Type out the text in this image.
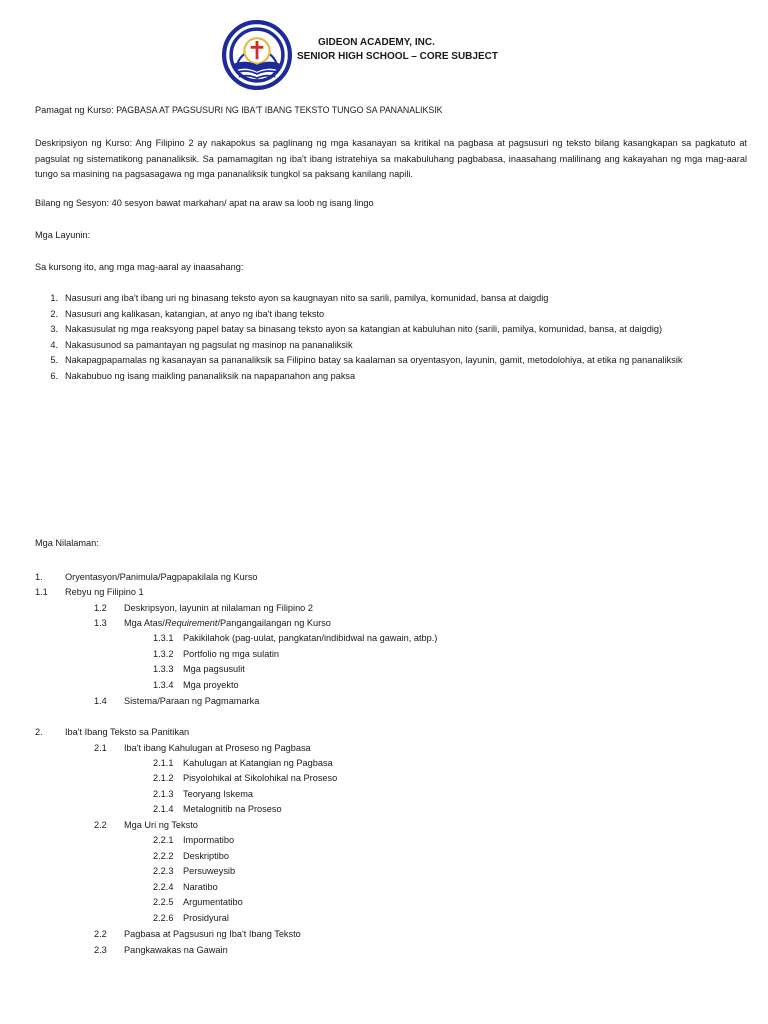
GIDEON ACADEMY, INC.
SENIOR HIGH SCHOOL – CORE SUBJECT
Pamagat ng Kurso: PAGBASA AT PAGSUSURI NG IBA'T IBANG TEKSTO TUNGO SA PANANALIKSIK
Deskripsiyon ng Kurso: Ang Filipino 2 ay nakapokus sa paglinang ng mga kasanayan sa kritikal na pagbasa at pagsusuri ng teksto bilang kasangkapan sa pagkatuto at
pagsulat ng sistematikong pananaliksik. Sa pamamagitan ng iba't ibang istratehiya sa makabuluhang pagbabasa, inaasahang malilinang ang kakayahan ng mga mag-aaral
tungo sa masining na pagsasagawa ng mga pananaliksik tungkol sa paksang kanilang napili.
Bilang ng Sesyon: 40 sesyon bawat markahan/ apat na araw sa loob ng isang lingo
Mga Layunin:
Sa kursong ito, ang mga mag-aaral ay inaasahang:
1. Nasusuri ang iba't ibang uri ng binasang teksto ayon sa kaugnayan nito sa sarili, pamilya, komunidad, bansa at daigdig
2. Nasusuri ang kalikasan, katangian, at anyo ng iba't ibang teksto
3. Nakasusulat ng mga reaksyong papel batay sa binasang teksto ayon sa katangian at kabuluhan nito (sarili, pamilya, komunidad, bansa, at daigdig)
4. Nakasusunod sa pamantayan ng pagsulat ng masinop na pananaliksik
5. Nakapagpapamalas ng kasanayan sa pananaliksik sa Filipino batay sa kaalaman sa oryentasyon, layunin, gamit, metodolohiya, at etika ng pananaliksik
6. Nakabubuo ng isang maikling pananaliksik na napapanahon ang paksa
Mga Nilalaman:
1. Oryentasyon/Panimula/Pagpapakilala ng Kurso
1.1 Rebyu ng Filipino 1
1.2 Deskripsyon, layunin at nilalaman ng Filipino 2
1.3 Mga Atas/Requirement/Pangangailangan ng Kurso
1.3.1 Pakikilahok (pag-uulat, pangkatan/indibidwal na gawain, atbp.)
1.3.2 Portfolio ng mga sulatin
1.3.3 Mga pagsusulit
1.3.4 Mga proyekto
1.4 Sistema/Paraan ng Pagmamarka
2. Iba't Ibang Teksto sa Panitikan
2.1 Iba't ibang Kahulugan at Proseso ng Pagbasa
2.1.1 Kahulugan at Katangian ng Pagbasa
2.1.2 Pisyolohikal at Sikolohikal na Proseso
2.1.3 Teoryang Iskema
2.1.4 Metalognitib na Proseso
2.2 Mga Uri ng Teksto
2.2.1 Impormatibo
2.2.2 Deskriptibo
2.2.3 Persuweysib
2.2.4 Naratibo
2.2.5 Argumentatibo
2.2.6 Prosidyural
2.2 Pagbasa at Pagsusuri ng Iba't Ibang Teksto
2.3 Pangkawakas na Gawain
